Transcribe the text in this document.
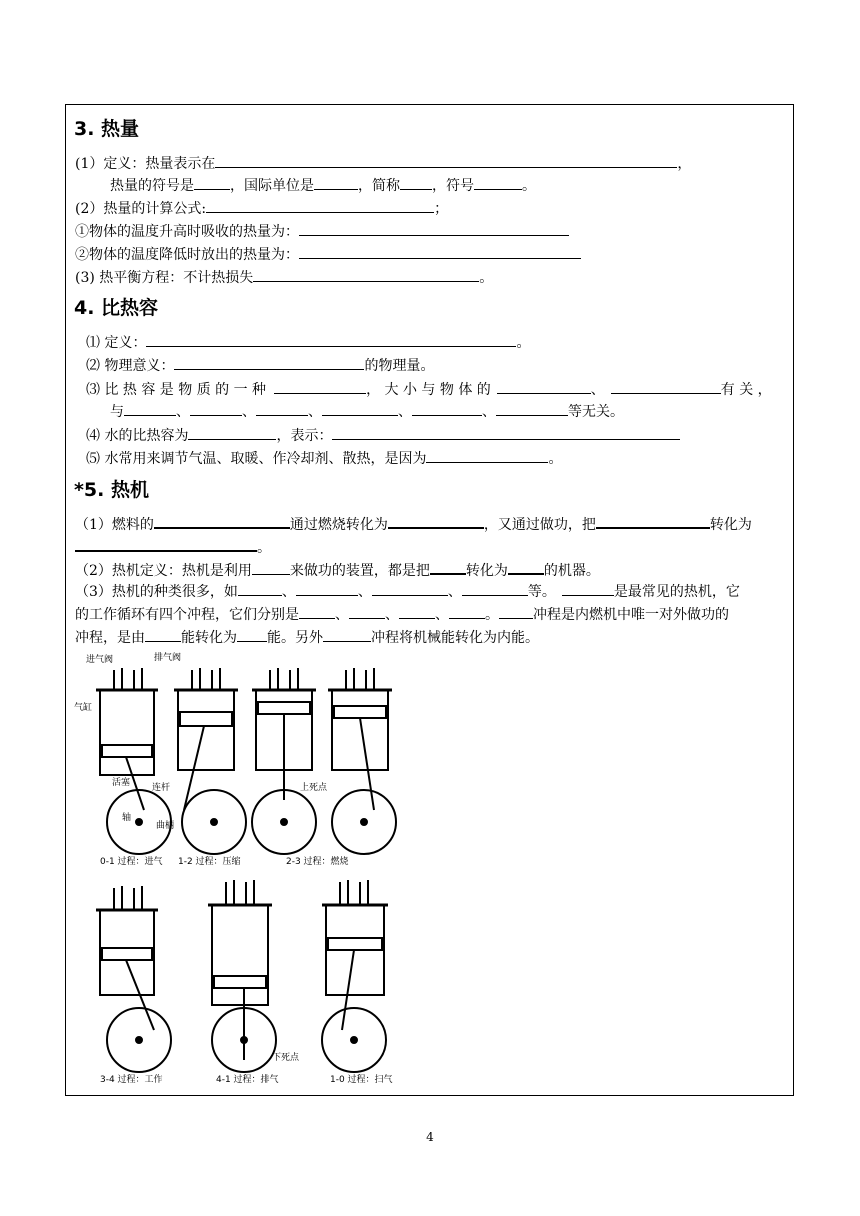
3. 热量
(1）定义：热量表示在	，
热量的符号是	，国际单位是	，简称 ，符号	。
(2）热量的计算公式:	；
①物体的温度升高时吸收的热量为：
②物体的温度降低时放出的热量为：
(3) 热平衡方程：不计热损失	。
4. 比热容
⑴ 定义：	。
⑵ 物理意义：	的物理量。
⑶ 比 热 容 是 物 质 的 一 种	， 大 小 与 物 体 的	、	有 关 ，
与	、	、	、	、	、	等无关。
⑷ 水的比热容为	，表示：
⑸ 水常用来调节气温、取暖、作冷却剂、散热，是因为	。
*5. 热机
（1）燃料的	通过燃烧转化为	，又通过做功，把	转化为
。
（2）热机定义：热机是利用	来做功的装置，都是把	转化为	的机器。
（3）热机的种类很多，如	、	、	、	等。	是最常见的热机，它
的工作循环有四个冲程，它们分别是	、	、	、	。 冲程是内燃机中唯一对外做功的
冲程，是由	能转化为 能。另外	冲程将机械能转化为内能。
进气阀	排气阀
气缸
活塞 连杆
轴
曲柄
上死点
下死点
0-1 过程：进气 1-2 过程：压缩	2-3 过程：燃烧
3-4 过程：工作	4-1 过程：排气	1-0 过程：扫气
4
